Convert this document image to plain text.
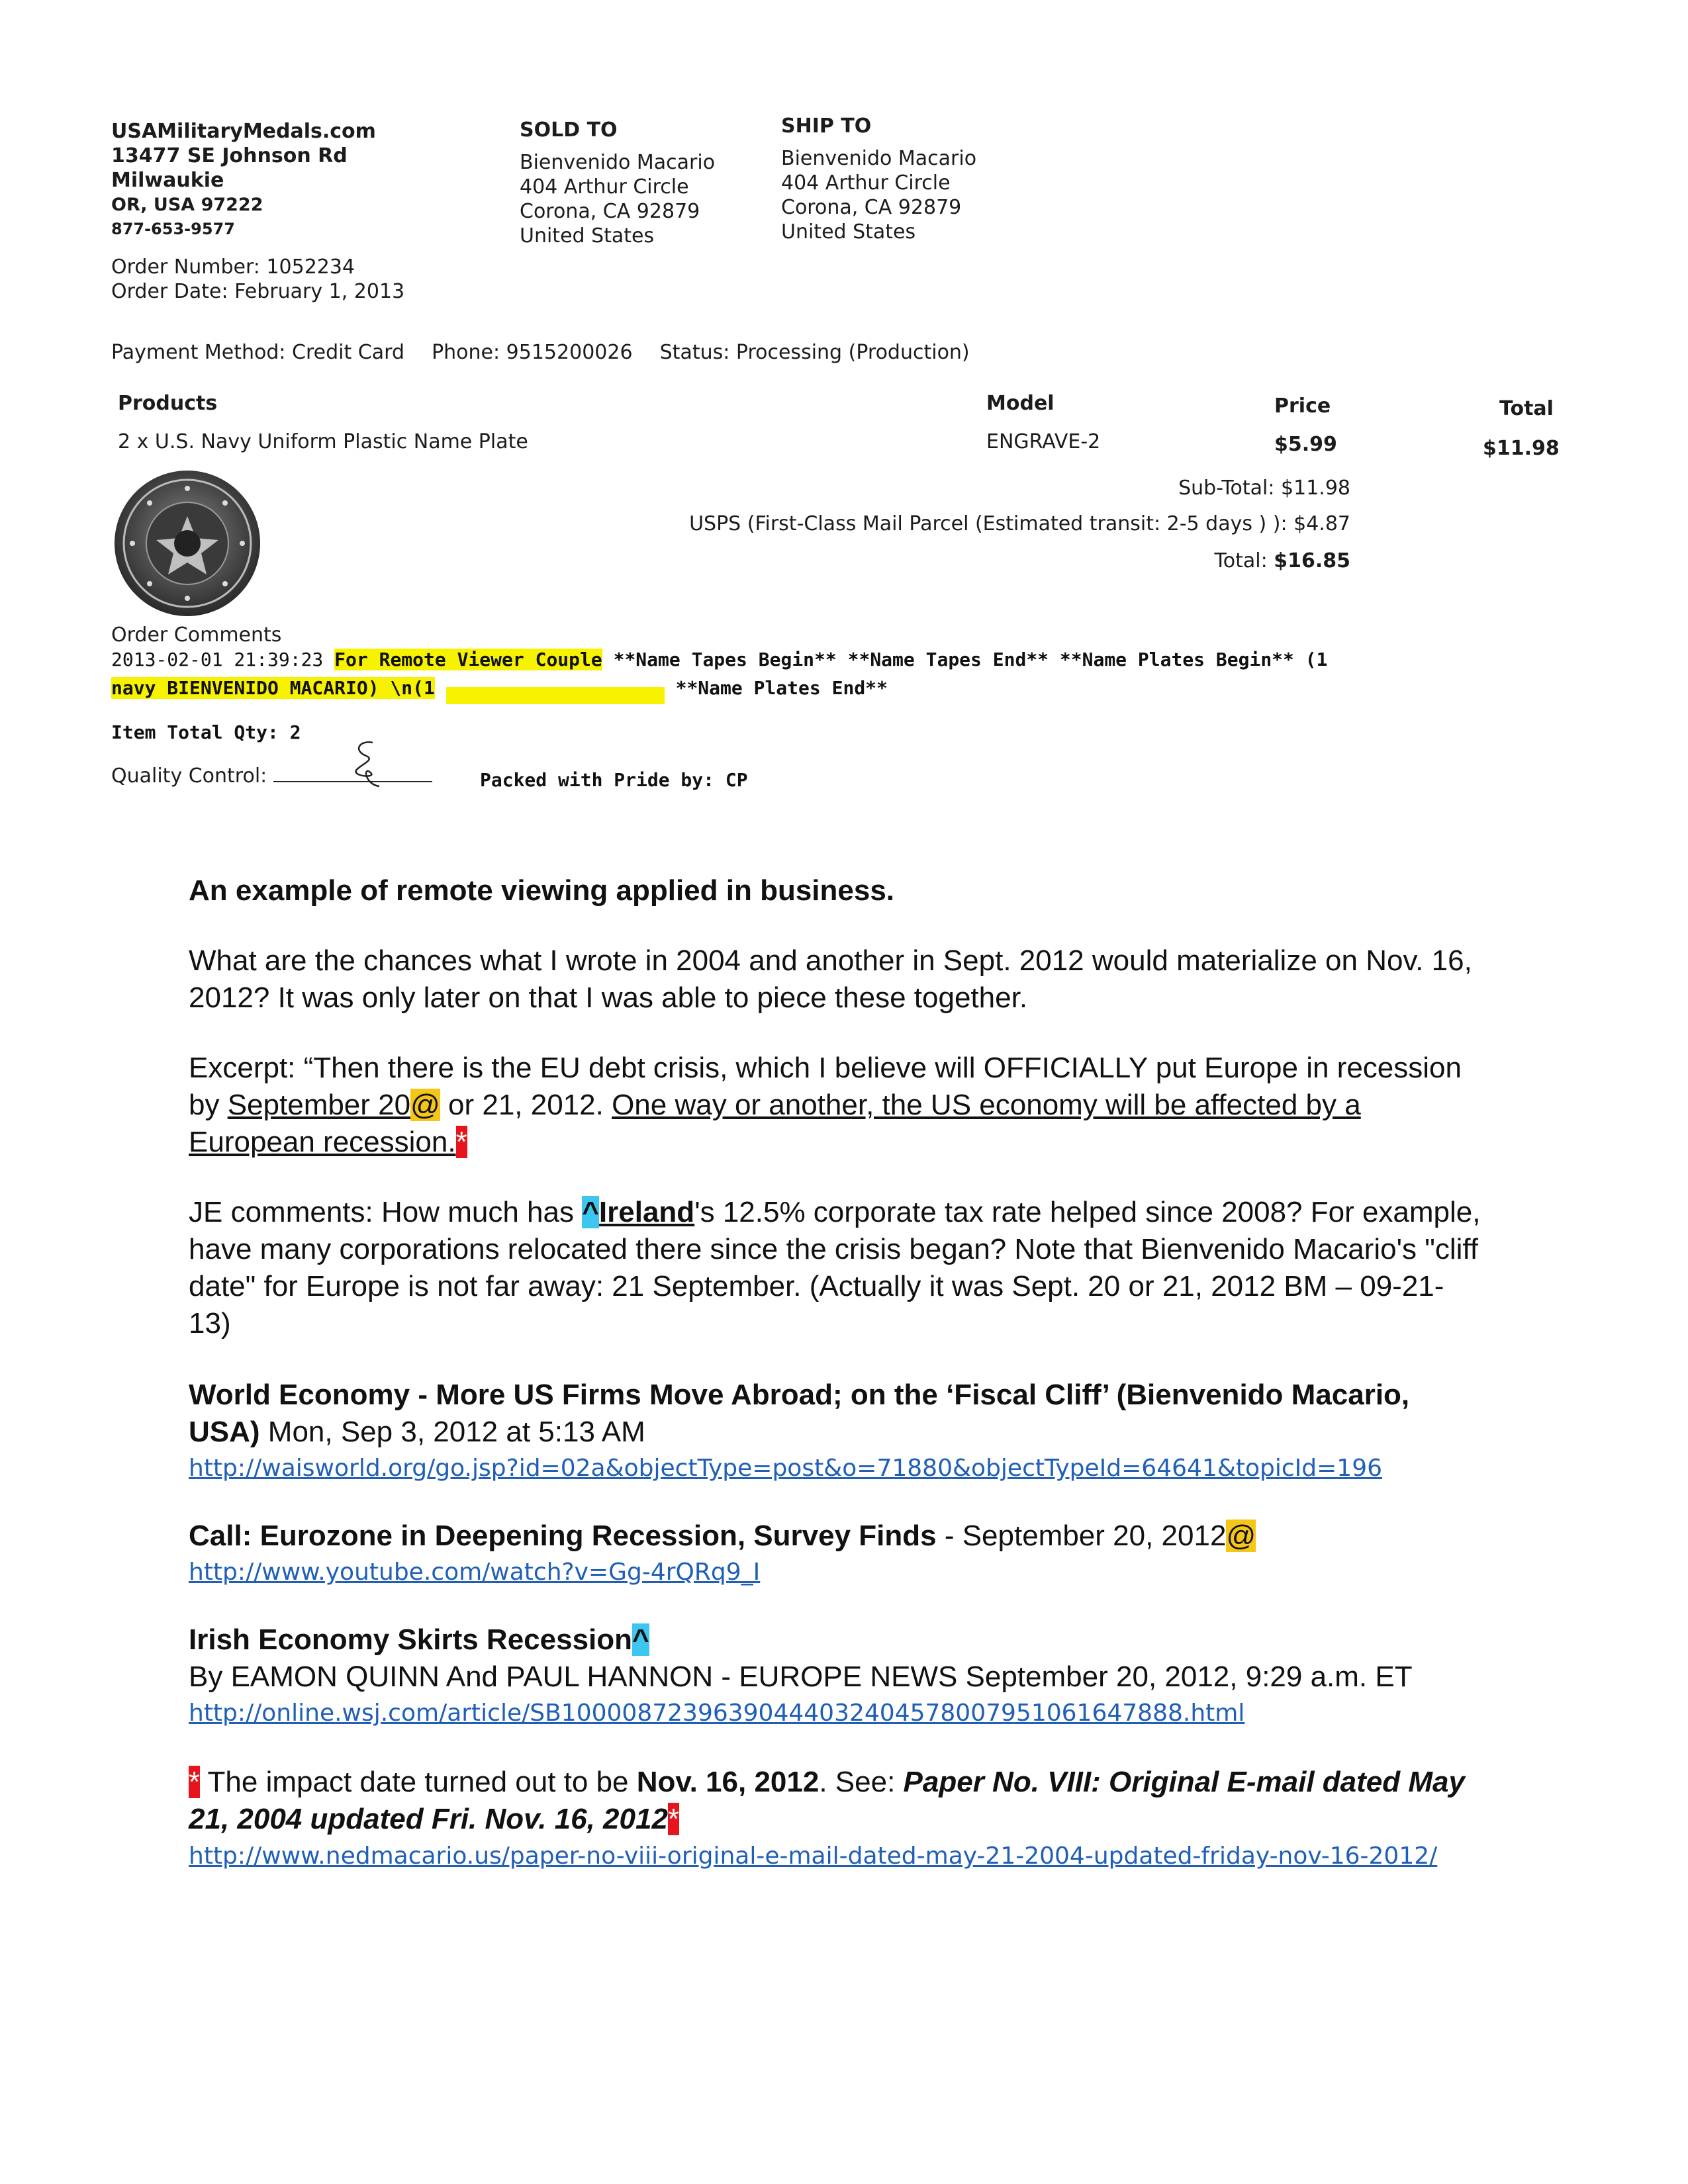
USAMilitaryMedals.com
13477 SE Johnson Rd
Milwaukie
OR, USA 97222
877-653-9577
Order Number: 1052234
Order Date: February 1, 2013
SOLD TO
Bienvenido Macario
404 Arthur Circle
Corona, CA 92879
United States
SHIP TO
Bienvenido Macario
404 Arthur Circle
Corona, CA 92879
United States
Payment Method: Credit Card Phone: 9515200026 Status: Processing (Production)
Products	Model	Price	Total
2 x U.S. Navy Uniform Plastic Name Plate	ENGRAVE-2	$5.99	$11.98
Sub-Total: $11.98
USPS (First-Class Mail Parcel (Estimated transit: 2-5 days ) ): $4.87
Total: $16.85
Order Comments
2013-02-01 21:39:23 For Remote Viewer Couple **Name Tapes Begin** **Name Tapes End** **Name Plates Begin** (1
navy BIENVENIDO MACARIO) \n(1	**Name Plates End**
Item Total Qty: 2
Quality Control:	Packed with Pride by: CP

An example of remote viewing applied in business.

What are the chances what I wrote in 2004 and another in Sept. 2012 would materialize on Nov. 16, 2012? It was only later on that I was able to piece these together.

Excerpt: “Then there is the EU debt crisis, which I believe will OFFICIALLY put Europe in recession by September 20@ or 21, 2012. One way or another, the US economy will be affected by a European recession.*

JE comments: How much has ^Ireland's 12.5% corporate tax rate helped since 2008? For example, have many corporations relocated there since the crisis began? Note that Bienvenido Macario's "cliff date" for Europe is not far away: 21 September. (Actually it was Sept. 20 or 21, 2012 BM – 09-21-13)

World Economy - More US Firms Move Abroad; on the ‘Fiscal Cliff’ (Bienvenido Macario, USA) Mon, Sep 3, 2012 at 5:13 AM

http://waisworld.org/go.jsp?id=02a&objectType=post&o=71880&objectTypeId=64641&topicId=196

Call: Eurozone in Deepening Recession, Survey Finds - September 20, 2012@

http://www.youtube.com/watch?v=Gg-4rQRq9_I

Irish Economy Skirts Recession^

By EAMON QUINN And PAUL HANNON - EUROPE NEWS September 20, 2012, 9:29 a.m. ET

http://online.wsj.com/article/SB10000872396390444032404578007951061647888.html

* The impact date turned out to be Nov. 16, 2012. See: Paper No. VIII: Original E-mail dated May 21, 2004 updated Fri. Nov. 16, 2012*

http://www.nedmacario.us/paper-no-viii-original-e-mail-dated-may-21-2004-updated-friday-nov-16-2012/
